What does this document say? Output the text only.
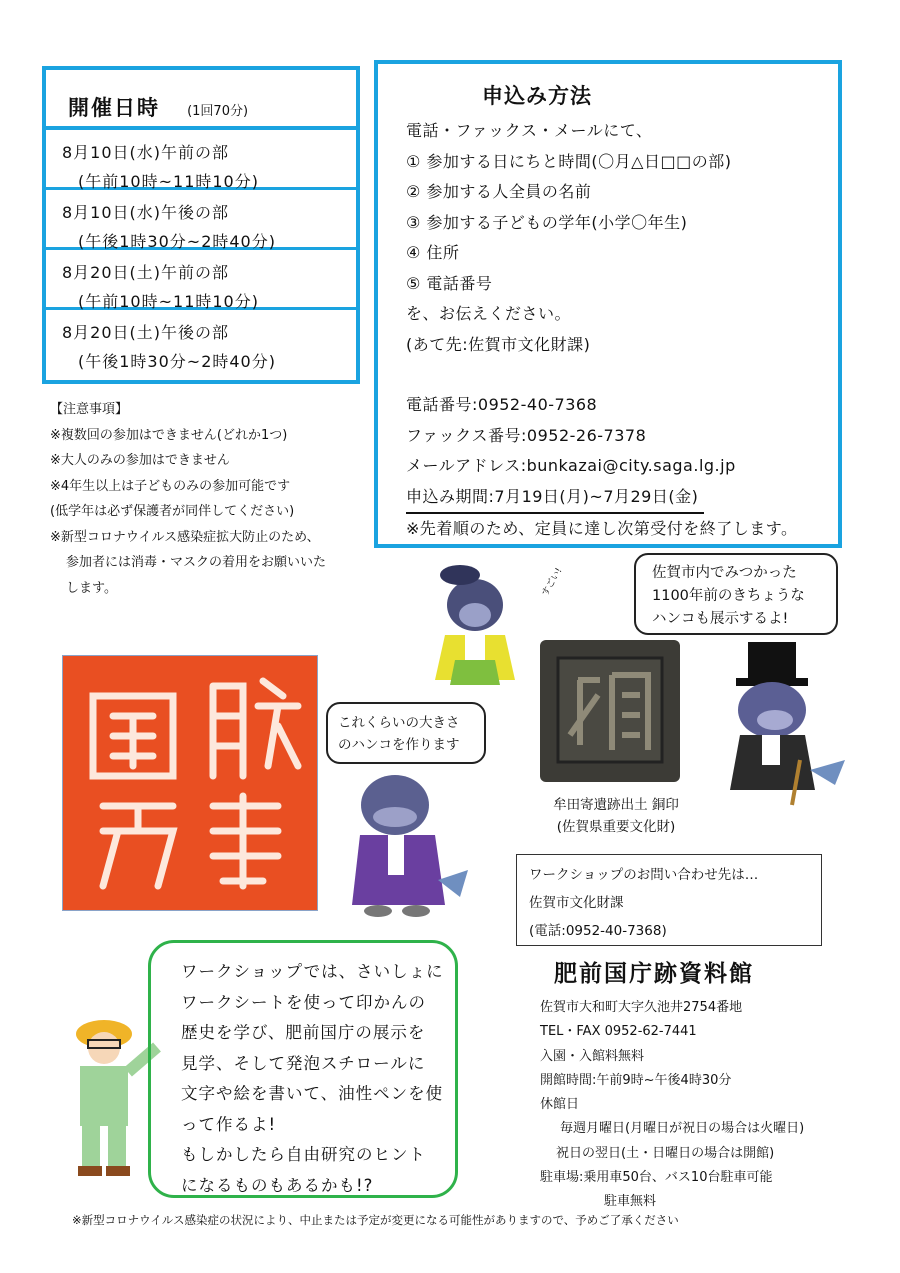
開催日時 (1回70分)
8月10日(水)午前の部
(午前10時~11時10分)
8月10日(水)午後の部
(午後1時30分~2時40分)
8月20日(土)午前の部
(午前10時~11時10分)
8月20日(土)午後の部
(午後1時30分~2時40分)
【注意事項】
※複数回の参加はできません(どれか1つ)
※大人のみの参加はできません
※4年生以上は子どものみの参加可能です
(低学年は必ず保護者が同伴してください)
※新型コロナウイルス感染症拡大防止のため、
参加者には消毒・マスクの着用をお願いいた
します。
申込み方法
電話・ファックス・メールにて、
① 参加する日にちと時間(〇月△日□□の部)
② 参加する人全員の名前
③ 参加する子どもの学年(小学〇年生)
④ 住所
⑤ 電話番号
を、お伝えください。
(あて先:佐賀市文化財課)
電話番号:0952-40-7368
ファックス番号:0952-26-7378
メールアドレス:bunkazai@city.saga.lg.jp
申込み期間:7月19日(月)~7月29日(金)
※先着順のため、定員に達し次第受付を終了します。
すごい!	佐賀市内でみつかった
1100年前のきちょうな
ハンコも展示するよ!
これくらいの大きさ
のハンコを作ります
牟田寄遺跡出土 銅印
(佐賀県重要文化財)
ワークショップのお問い合わせ先は…
佐賀市文化財課
(電話:0952-40-7368)
ワークショップでは、さいしょに
ワークシートを使って印かんの
歴史を学び、肥前国庁の展示を
見学、そして発泡スチロールに
文字や絵を書いて、油性ペンを使
って作るよ!
もしかしたら自由研究のヒント
になるものもあるかも!?
肥前国庁跡資料館
佐賀市大和町大字久池井2754番地
TEL・FAX 0952-62-7441
入園・入館料無料
開館時間:午前9時~午後4時30分
休館日
毎週月曜日(月曜日が祝日の場合は火曜日)
祝日の翌日(土・日曜日の場合は開館)
駐車場:乗用車50台、バス10台駐車可能
駐車無料
※新型コロナウイルス感染症の状況により、中止または予定が変更になる可能性がありますので、予めご了承ください
